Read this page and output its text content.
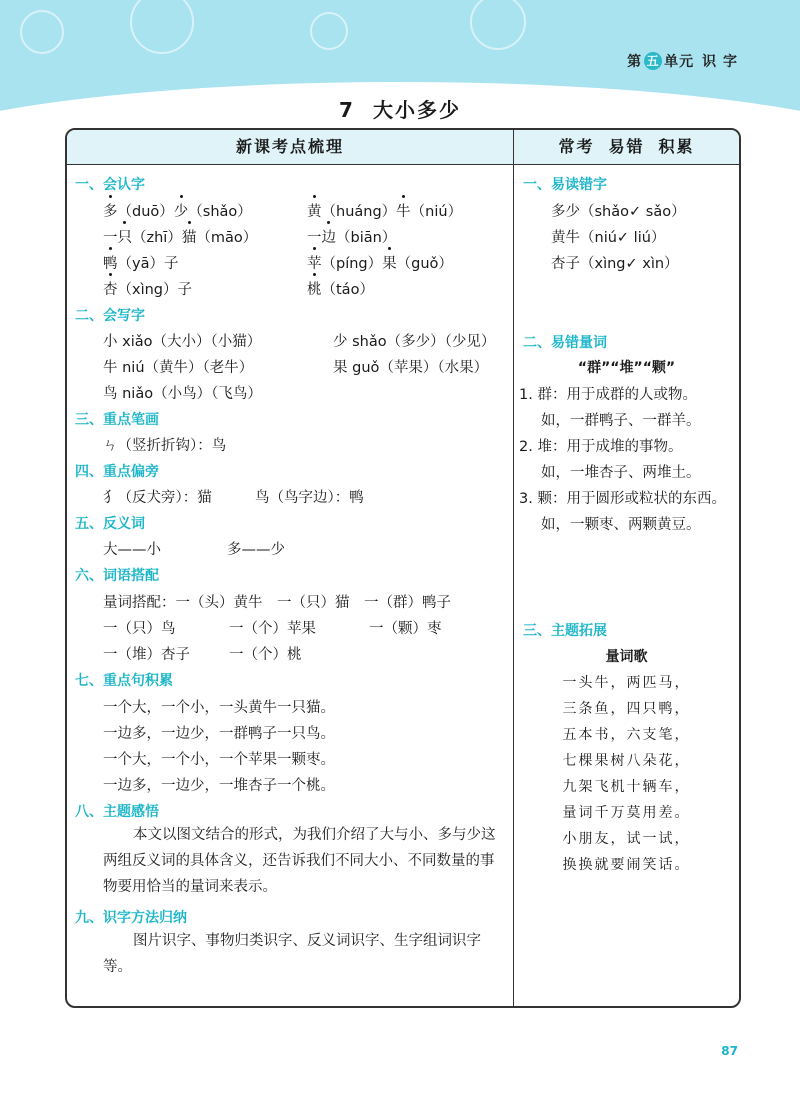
第 五 单元 识 字
7 大小多少
新课考点梳理	常考 易错 积累
一、会认字
多（duō）少（shǎo）	黄（huáng）牛（niú）
一只（zhī）猫（māo）	一边（biān）
鸭（yā）子	苹（píng）果（guǒ）
杏（xìng）子	桃（táo）
二、会写字
小 xiǎo（大小）（小猫）	少 shǎo（多少）（少见）
牛 niú（黄牛）（老牛）	果 guǒ（苹果）（水果）
鸟 niǎo（小鸟）（飞鸟）
三、重点笔画
ㄣ（竖折折钩）：鸟
四、重点偏旁
犭（反犬旁）：猫	⻦（鸟字边）：鸭
五、反义词
大——小	多——少
六、词语搭配
量词搭配：一（头）黄牛　一（只）猫　一（群）鸭子
一（只）鸟	一（个）苹果	一（颗）枣
一（堆）杏子	一（个）桃
七、重点句积累
一个大，一个小，一头黄牛一只猫。
一边多，一边少，一群鸭子一只鸟。
一个大，一个小，一个苹果一颗枣。
一边多，一边少，一堆杏子一个桃。
八、主题感悟
本文以图文结合的形式，为我们介绍了大与小、多与少这两组反义词的具体含义，还告诉我们不同大小、不同数量的事物要用恰当的量词来表示。
九、识字方法归纳
图片识字、事物归类识字、反义词识字、生字组词识字等。
一、易读错字
多少（shǎo✓ sǎo）
黄牛（niú✓ liú）
杏子（xìng✓ xìn）
二、易错量词
“群”“堆”“颗”
1. 群：用于成群的人或物。
如，一群鸭子、一群羊。
2. 堆：用于成堆的事物。
如，一堆杏子、两堆土。
3. 颗：用于圆形或粒状的东西。
如，一颗枣、两颗黄豆。
三、主题拓展
量词歌
一头牛，两匹马，
三条鱼，四只鸭，
五本书，六支笔，
七棵果树八朵花，
九架飞机十辆车，
量词千万莫用差。
小朋友，试一试，
换换就要闹笑话。
87
